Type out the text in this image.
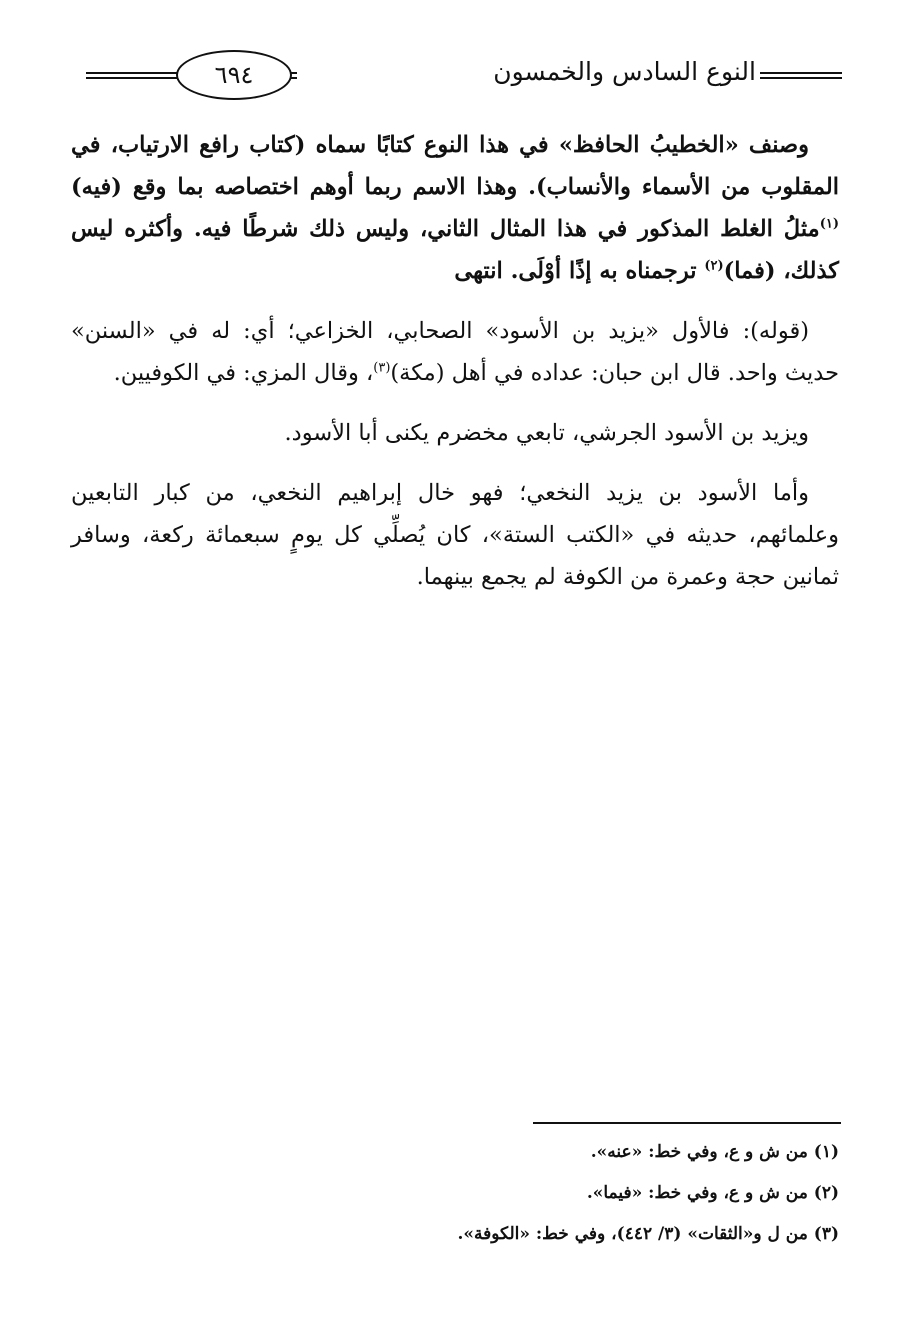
النوع السادس والخمسون
٦٩٤

وصنف «الخطيبُ الحافظ» في هذا النوع كتابًا سماه (كتاب رافع الارتياب، في المقلوب من الأسماء والأنساب). وهذا الاسم ربما أوهم اختصاصه بما وقع (فيه)$^{(١)}$مثلُ الغلط المذكور في هذا المثال الثاني، وليس ذلك شرطًا فيه. وأكثره ليس كذلك، (فما)$^{(٢)}$ ترجمناه به إذًا أوْلَى. انتهى

(قوله): فالأول «يزيد بن الأسود» الصحابي، الخزاعي؛ أي: له في «السنن» حديث واحد. قال ابن حبان: عداده في أهل (مكة)$^{(٣)}$، وقال المزي: في الكوفيين.

ويزيد بن الأسود الجرشي، تابعي مخضرم يكنى أبا الأسود.

وأما الأسود بن يزيد النخعي؛ فهو خال إبراهيم النخعي، من كبار التابعين وعلمائهم، حديثه في «الكتب الستة»، كان يُصلِّي كل يومٍ سبعمائة ركعة، وسافر ثمانين حجة وعمرة من الكوفة لم يجمع بينهما.

(١) من ش و ع، وفي خط: «عنه».

(٢) من ش و ع، وفي خط: «فيما».

(٣) من ل و«الثقات» (٣/ ٤٤٢)، وفي خط: «الكوفة».
